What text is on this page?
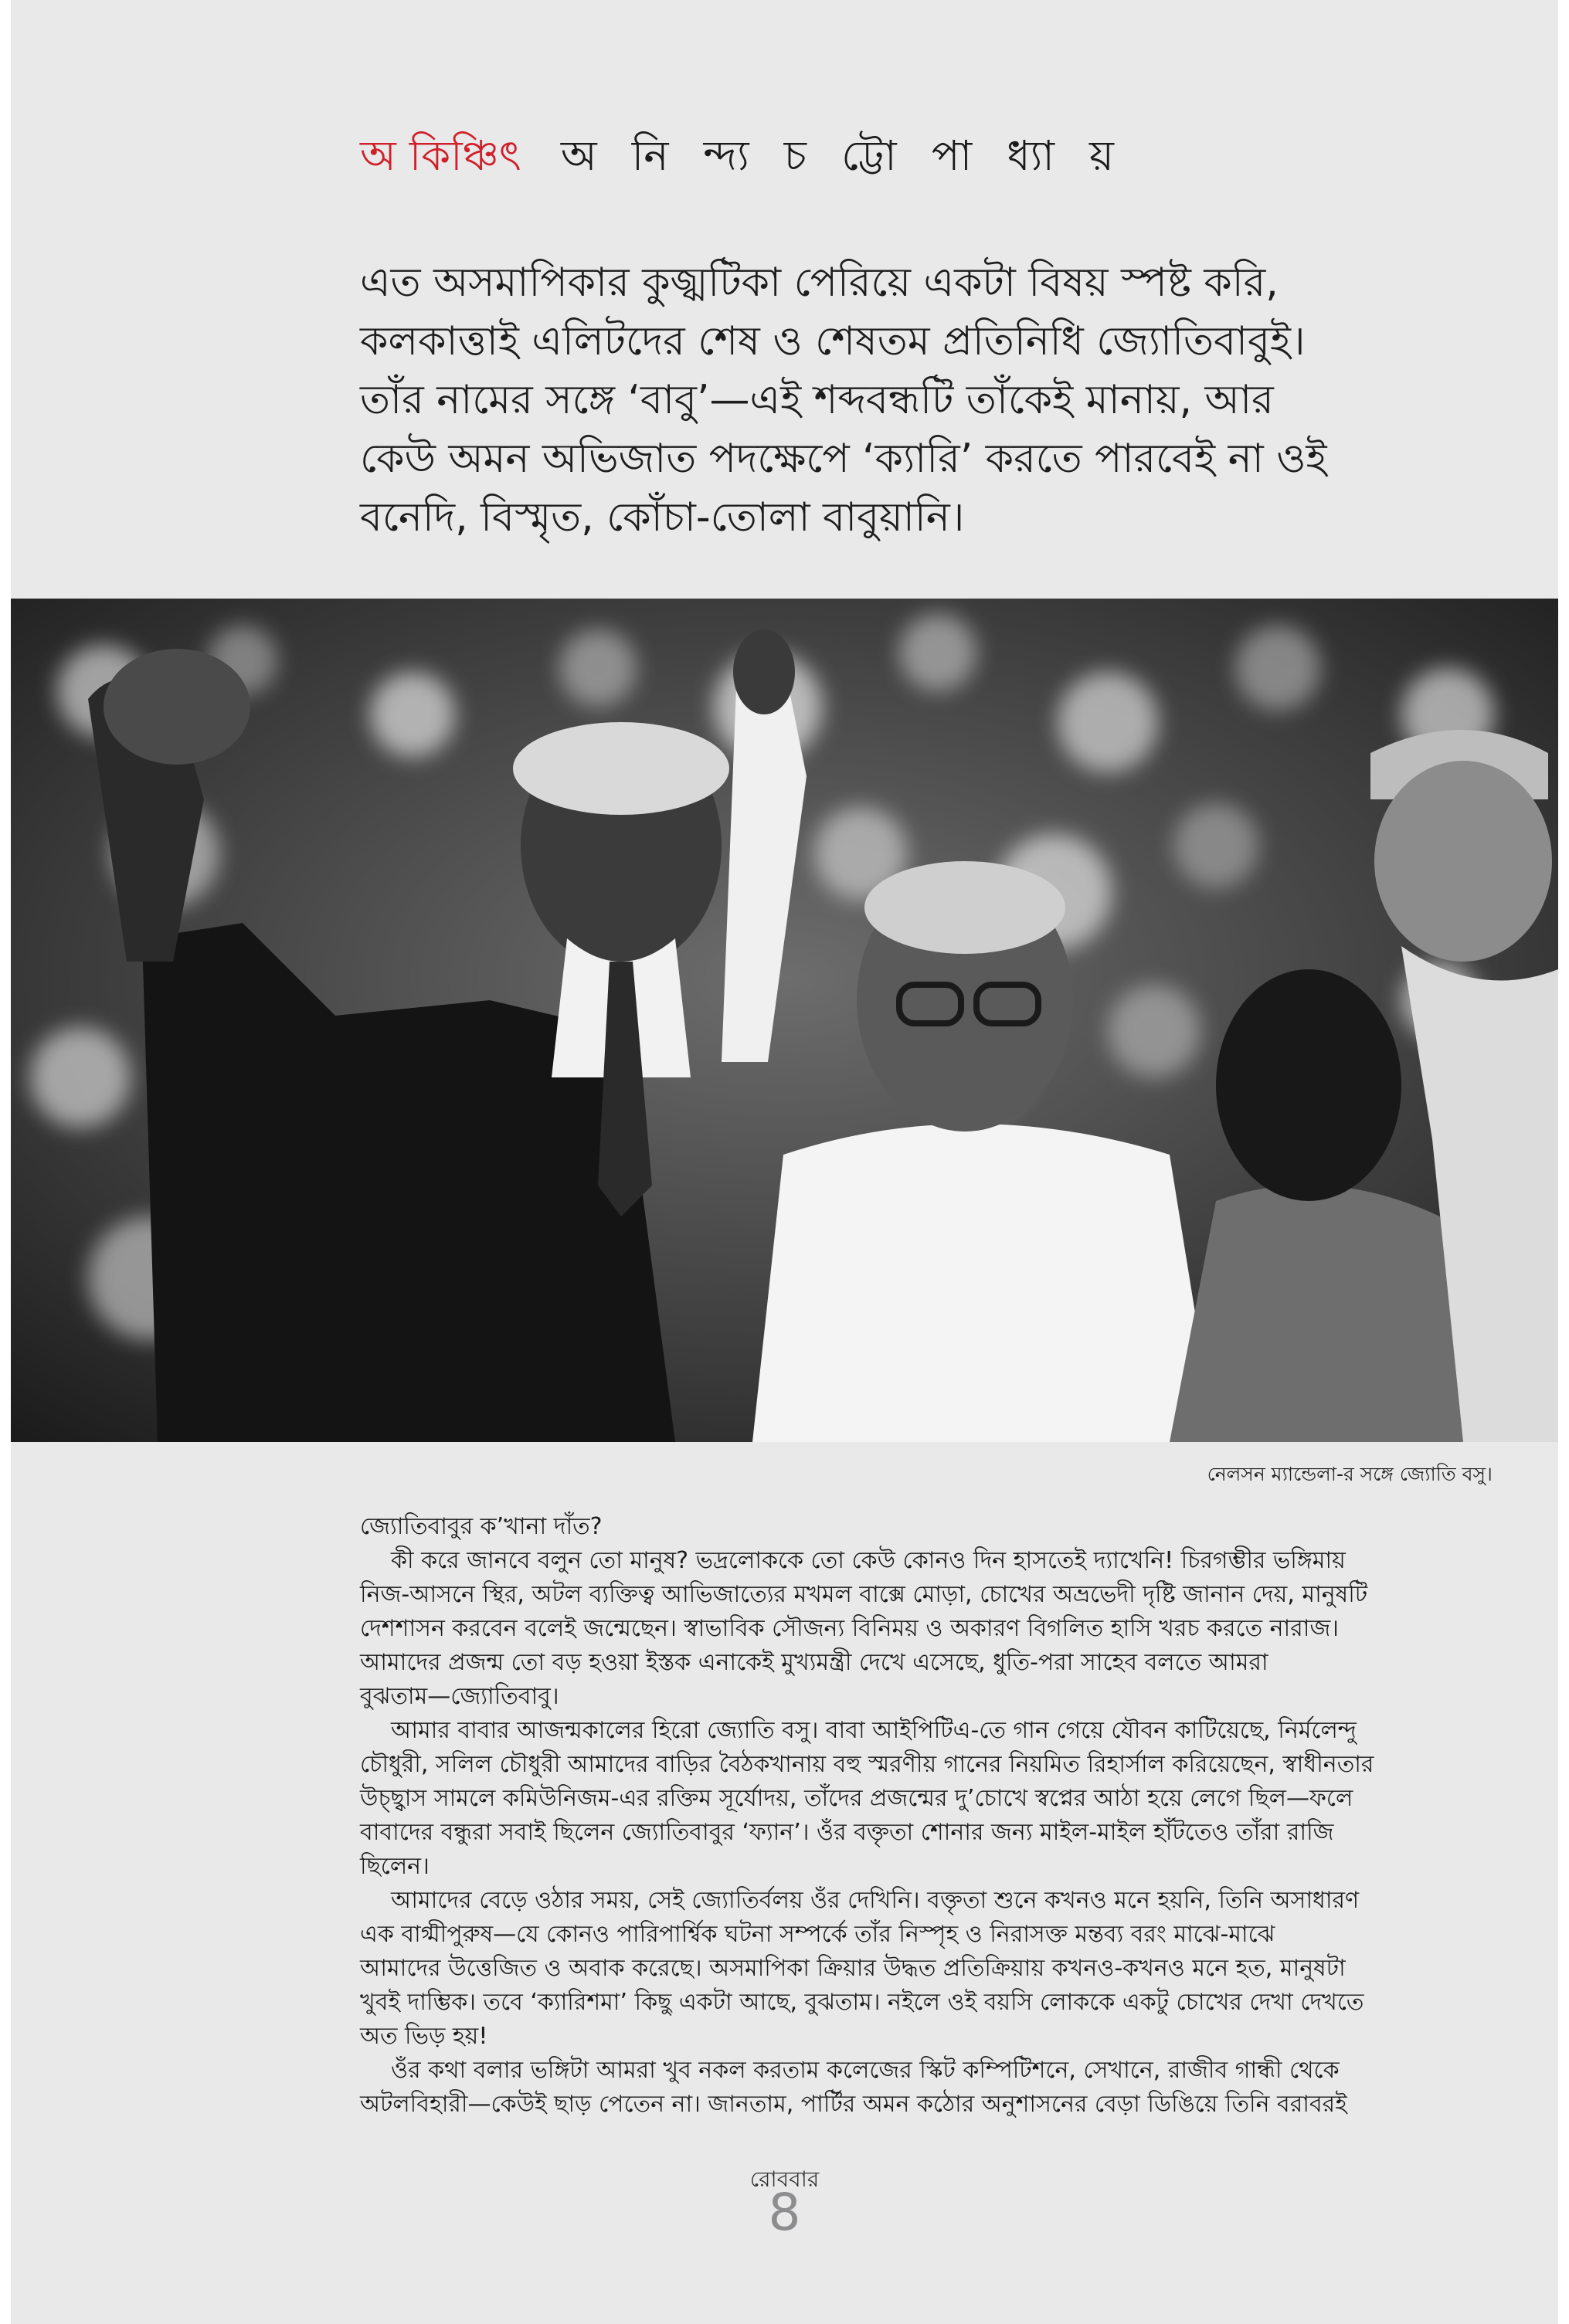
অ কিঞ্চিৎ অ নি ন্দ্য চ ট্টো পা ধ্যা য়
এত অসমাপিকার কুজ্ঝটিকা পেরিয়ে একটা বিষয় স্পষ্ট করি,
কলকাত্তাই এলিটদের শেষ ও শেষতম প্রতিনিধি জ্যোতিবাবুই।
তাঁর নামের সঙ্গে ‘বাবু’—এই শব্দবন্ধটি তাঁকেই মানায়, আর
কেউ অমন অভিজাত পদক্ষেপে ‘ক্যারি’ করতে পারবেই না ওই
বনেদি, বিস্মৃত, কোঁচা-তোলা বাবুয়ানি।
নেলসন ম্যান্ডেলা-র সঙ্গে জ্যোতি বসু।
জ্যোতিবাবুর ক’খানা দাঁত?
কী করে জানবে বলুন তো মানুষ? ভদ্রলোককে তো কেউ কোনও দিন হাসতেই দ্যাখেনি! চিরগম্ভীর ভঙ্গিমায়
নিজ-আসনে স্থির, অটল ব্যক্তিত্ব আভিজাত্যের মখমল বাক্সে মোড়া, চোখের অভ্রভেদী দৃষ্টি জানান দেয়, মানুষটি
দেশশাসন করবেন বলেই জন্মেছেন। স্বাভাবিক সৌজন্য বিনিময় ও অকারণ বিগলিত হাসি খরচ করতে নারাজ।
আমাদের প্রজন্ম তো বড় হওয়া ইস্তক এনাকেই মুখ্যমন্ত্রী দেখে এসেছে, ধুতি-পরা সাহেব বলতে আমরা
বুঝতাম—জ্যোতিবাবু।
আমার বাবার আজন্মকালের হিরো জ্যোতি বসু। বাবা আইপিটিএ-তে গান গেয়ে যৌবন কাটিয়েছে, নির্মলেন্দু
চৌধুরী, সলিল চৌধুরী আমাদের বাড়ির বৈঠকখানায় বহু স্মরণীয় গানের নিয়মিত রিহার্সাল করিয়েছেন, স্বাধীনতার
উচ্ছ্বাস সামলে কমিউনিজম-এর রক্তিম সূর্যোদয়, তাঁদের প্রজন্মের দু’চোখে স্বপ্নের আঠা হয়ে লেগে ছিল—ফলে
বাবাদের বন্ধুরা সবাই ছিলেন জ্যোতিবাবুর ‘ফ্যান’। ওঁর বক্তৃতা শোনার জন্য মাইল-মাইল হাঁটতেও তাঁরা রাজি
ছিলেন।
আমাদের বেড়ে ওঠার সময়, সেই জ্যোতির্বলয় ওঁর দেখিনি। বক্তৃতা শুনে কখনও মনে হয়নি, তিনি অসাধারণ
এক বাগ্মীপুরুষ—যে কোনও পারিপার্শ্বিক ঘটনা সম্পর্কে তাঁর নিস্পৃহ ও নিরাসক্ত মন্তব্য বরং মাঝে-মাঝে
আমাদের উত্তেজিত ও অবাক করেছে। অসমাপিকা ক্রিয়ার উদ্ধত প্রতিক্রিয়ায় কখনও-কখনও মনে হত, মানুষটা
খুবই দাম্ভিক। তবে ‘ক্যারিশমা’ কিছু একটা আছে, বুঝতাম। নইলে ওই বয়সি লোককে একটু চোখের দেখা দেখতে
অত ভিড় হয়!
ওঁর কথা বলার ভঙ্গিটা আমরা খুব নকল করতাম কলেজের স্কিট কম্পিটিশনে, সেখানে, রাজীব গান্ধী থেকে
অটলবিহারী—কেউই ছাড় পেতেন না। জানতাম, পার্টির অমন কঠোর অনুশাসনের বেড়া ডিঙিয়ে তিনি বরাবরই
রোববার
8
